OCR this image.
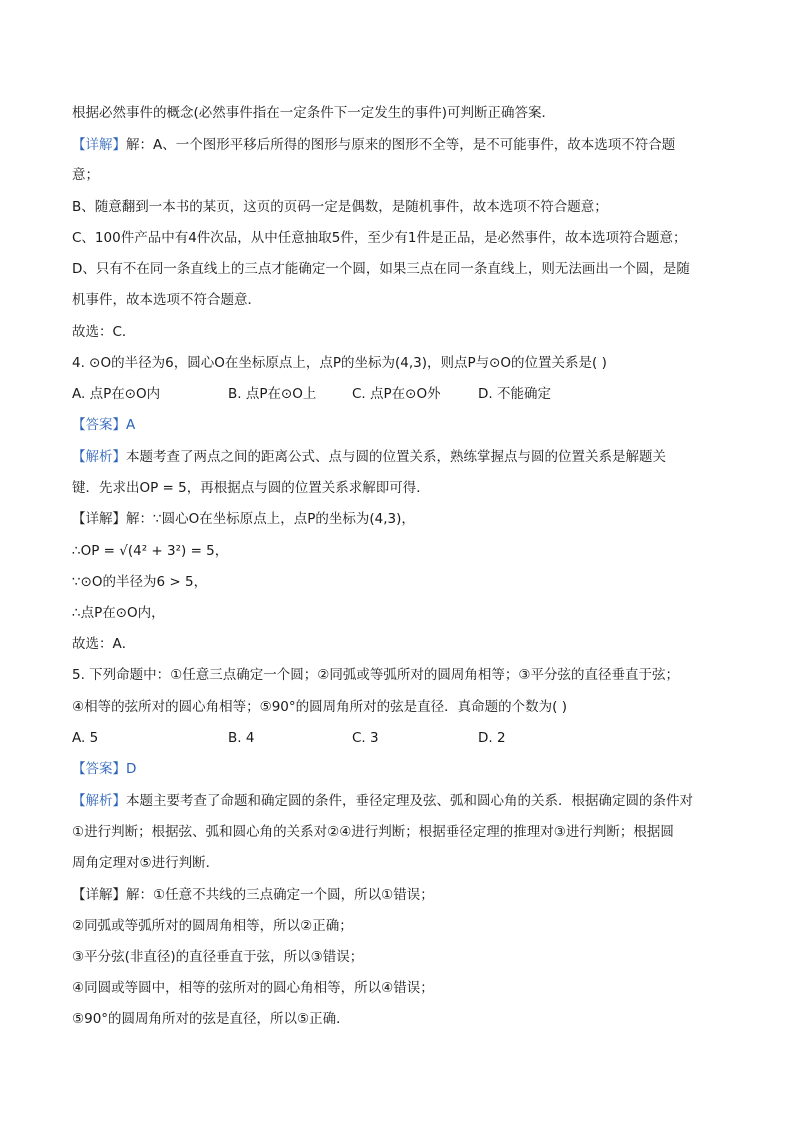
根据必然事件的概念(必然事件指在一定条件下一定发生的事件)可判断正确答案．
【详解】解：A、一个图形平移后所得的图形与原来的图形不全等，是不可能事件，故本选项不符合题
意；
B、随意翻到一本书的某页，这页的页码一定是偶数，是随机事件，故本选项不符合题意；
C、100件产品中有4件次品，从中任意抽取5件，至少有1件是正品，是必然事件，故本选项符合题意；
D、只有不在同一条直线上的三点才能确定一个圆，如果三点在同一条直线上，则无法画出一个圆，是随
机事件，故本选项不符合题意．
故选：C．
4. ⊙O的半径为6，圆心O在坐标原点上，点P的坐标为(4,3)，则点P与⊙O的位置关系是( )
A. 点P在⊙O内	B. 点P在⊙O上	C. 点P在⊙O外	D. 不能确定
【答案】A
【解析】本题考查了两点之间的距离公式、点与圆的位置关系，熟练掌握点与圆的位置关系是解题关
键．先求出OP = 5，再根据点与圆的位置关系求解即可得．
【详解】解：∵圆心O在坐标原点上，点P的坐标为(4,3)，
∴OP = √(4² + 3²) = 5，
∵⊙O的半径为6 > 5，
∴点P在⊙O内，
故选：A．
5. 下列命题中：①任意三点确定一个圆；②同弧或等弧所对的圆周角相等；③平分弦的直径垂直于弦；
④相等的弦所对的圆心角相等；⑤90°的圆周角所对的弦是直径．真命题的个数为( )
A. 5	B. 4	C. 3	D. 2
【答案】D
【解析】本题主要考查了命题和确定圆的条件，垂径定理及弦、弧和圆心角的关系．根据确定圆的条件对
①进行判断；根据弦、弧和圆心角的关系对②④进行判断；根据垂径定理的推理对③进行判断；根据圆
周角定理对⑤进行判断．
【详解】解：①任意不共线的三点确定一个圆，所以①错误；
②同弧或等弧所对的圆周角相等，所以②正确；
③平分弦(非直径)的直径垂直于弦，所以③错误；
④同圆或等圆中，相等的弦所对的圆心角相等，所以④错误；
⑤90°的圆周角所对的弦是直径，所以⑤正确．
